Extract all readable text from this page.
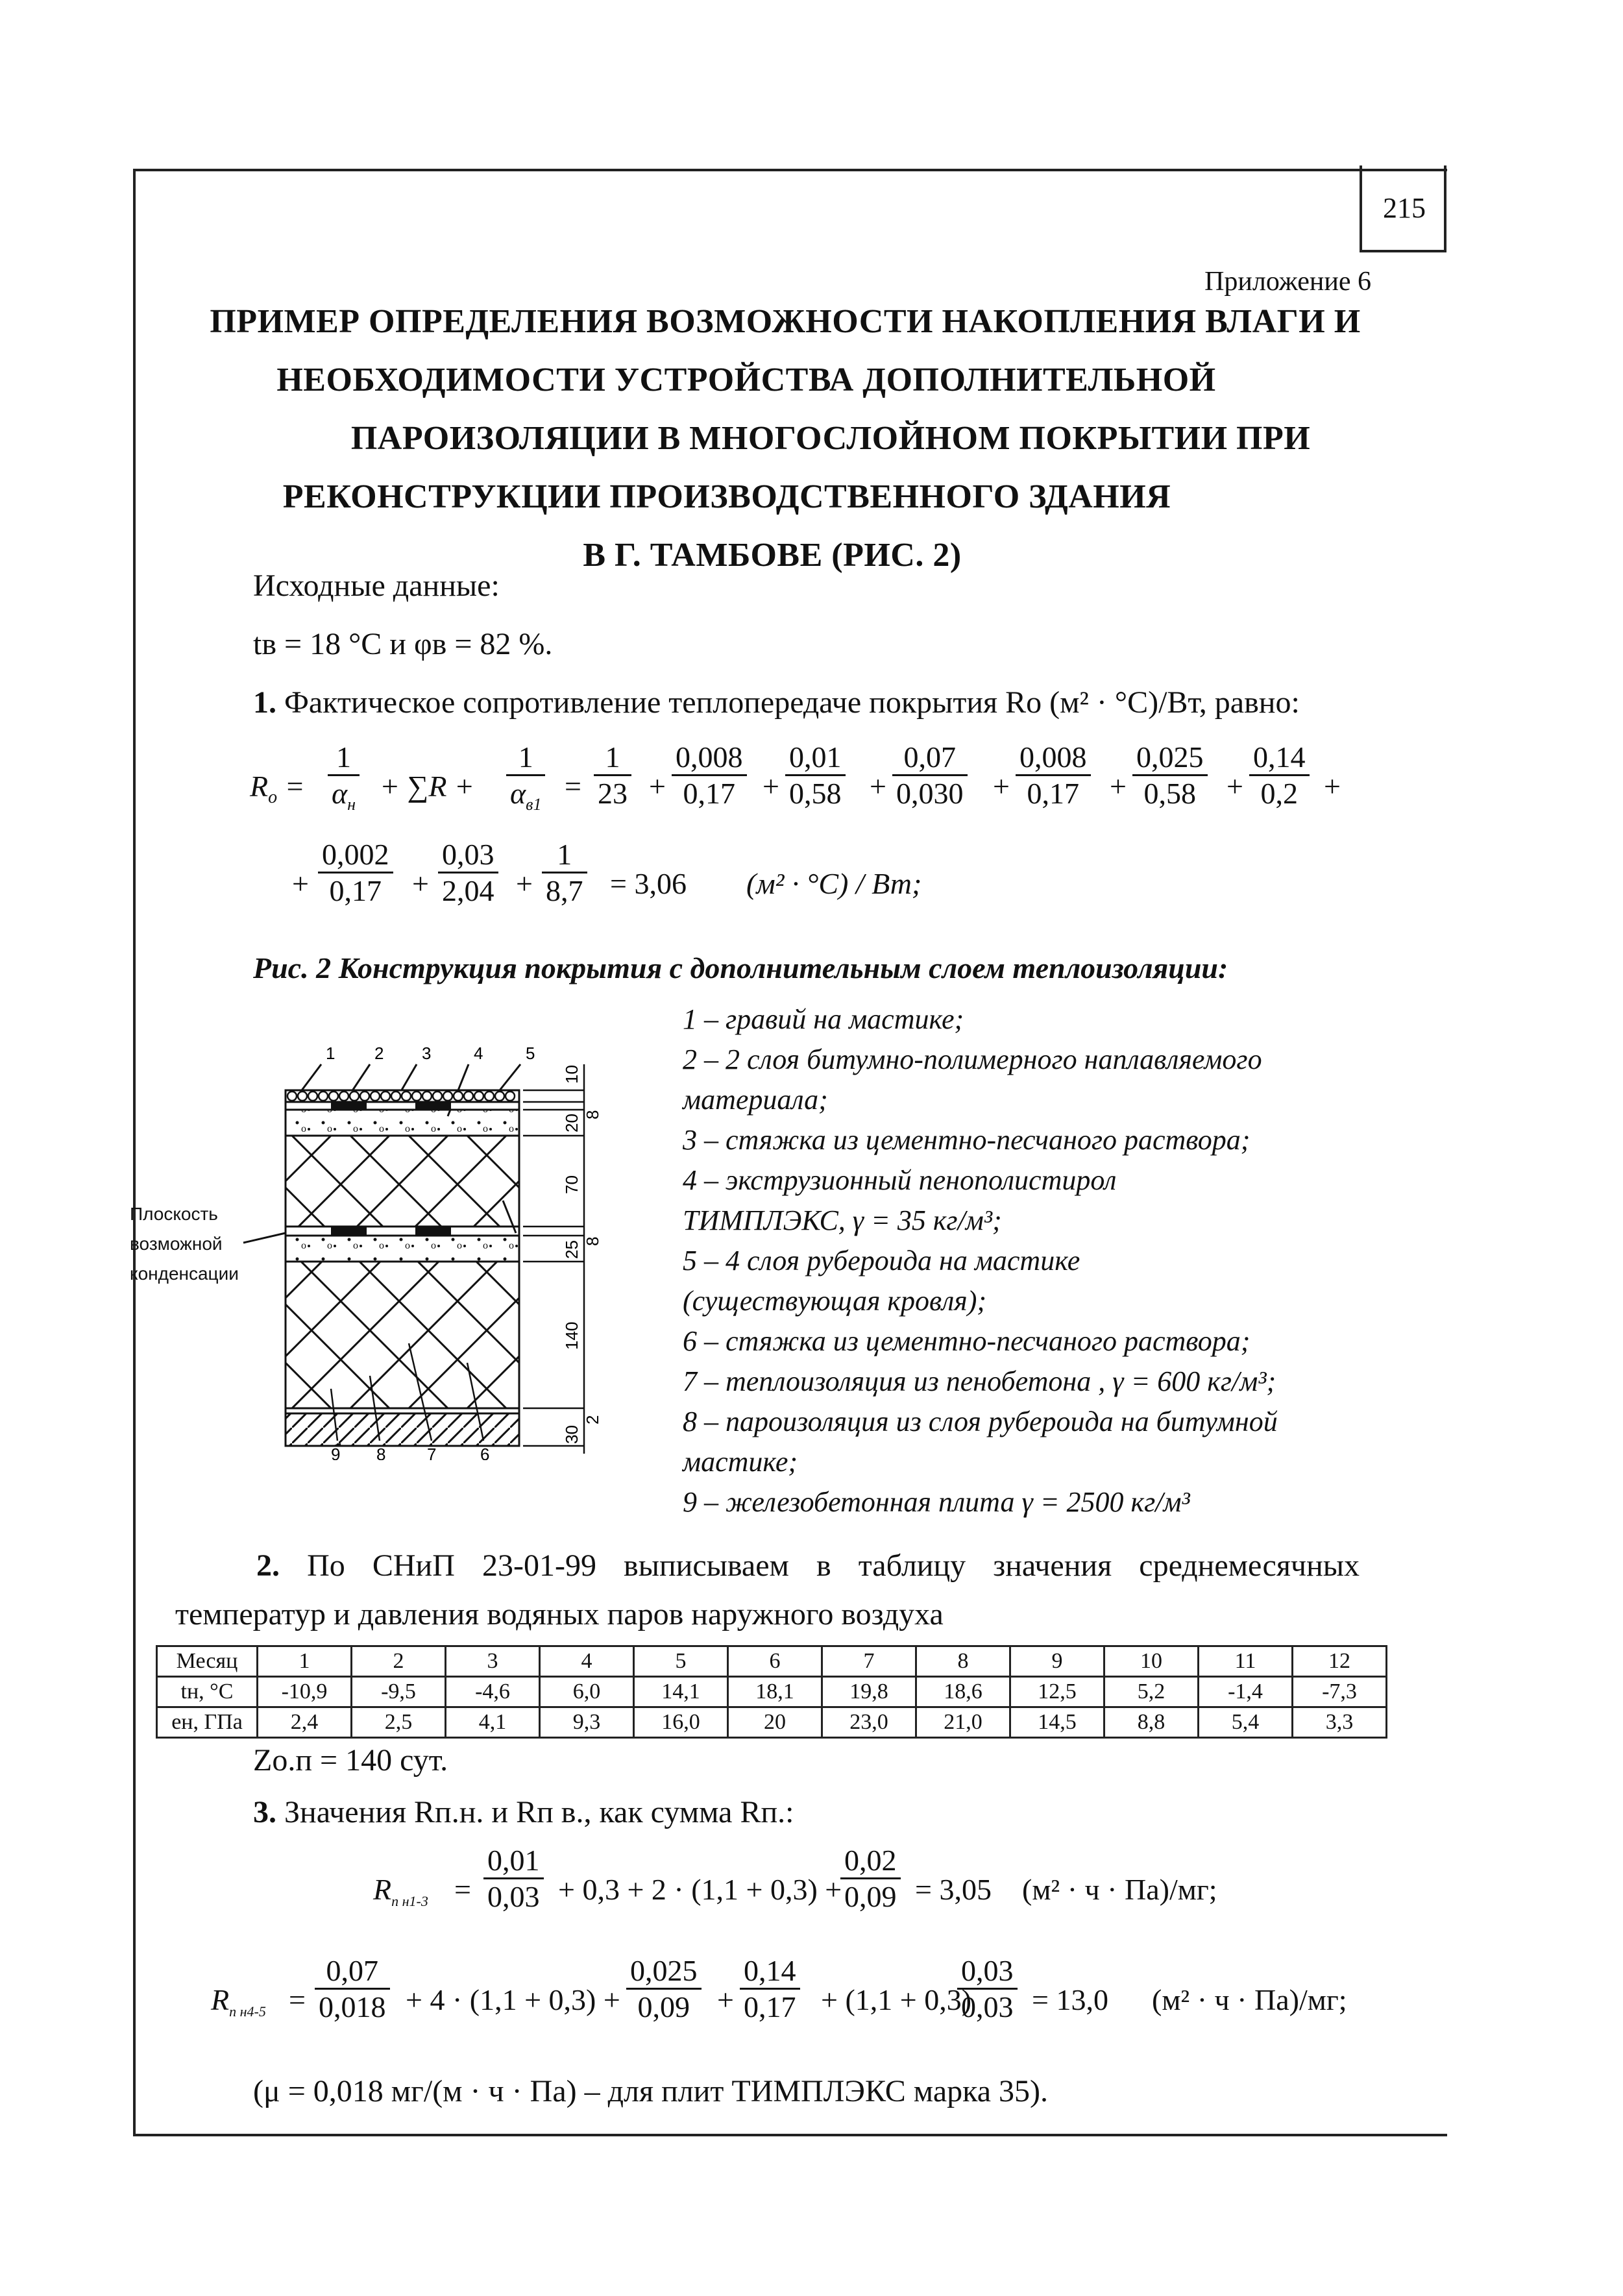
215
Приложение 6
ПРИМЕР ОПРЕДЕЛЕНИЯ ВОЗМОЖНОСТИ НАКОПЛЕНИЯ ВЛАГИ И
НЕОБХОДИМОСТИ УСТРОЙСТВА ДОПОЛНИТЕЛЬНОЙ
ПАРОИЗОЛЯЦИИ В МНОГОСЛОЙНОМ ПОКРЫТИИ ПРИ
РЕКОНСТРУКЦИИ ПРОИЗВОДСТВЕННОГО ЗДАНИЯ
В Г. ТАМБОВЕ (РИС. 2)
Исходные данные:
tв = 18 °С и φв = 82 %.
1. Фактическое сопротивление теплопередаче покрытия Rо (м² · °С)/Вт, равно:
$R_o$ =
1
$\alpha_н$
+ ∑R +
1
$\alpha_{в1}$
= $\frac{1}{23} + \frac{0,008}{0,17} + \frac{0,01}{0,58} + \frac{0,07}{0,030} + \frac{0,008}{0,17} + \frac{0,025}{0,58} + \frac{0,14}{0,2}$ +
+ $\frac{0,002}{0,17} + \frac{0,03}{2,04} + \frac{1}{8,7} = 3,06$ (м² · °С) / Вт;
Рис. 2 Конструкция покрытия с дополнительным слоем теплоизоляции:
1 2 3	4	5
9 8 7	6
10
20
70
25
140
30
8
8
2
Плоскость
возможной
конденсации
1 – гравий на мастике;
2 – 2 слоя битумно-полимерного наплавляемого
материала;
3 – стяжка из цементно-песчаного раствора;
4 – экструзионный пенополистирол
ТИМПЛЭКС, γ = 35 кг/м³;
5 – 4 слоя рубероида на мастике
(существующая кровля);
6 – стяжка из цементно-песчаного раствора;
7 – теплоизоляция из пенобетона , γ = 600 кг/м³;
8 – пароизоляция из слоя рубероида на битумной
мастике;
9 – железобетонная плита γ = 2500 кг/м³
2. По СНиП 23-01-99 выписываем в таблицу значения среднемесячных
температур и давления водяных паров наружного воздуха
Месяц	1	2	3	4	5	6	7	8	9	10	11	12
tн, °С	-10,9	-9,5	-4,6	6,0	14,1	18,1	19,8	18,6	12,5	5,2	-1,4	-7,3
eн, ГПа	2,4	2,5	4,1	9,3	16,0	20	23,0	21,0	14,5	8,8	5,4	3,3
Zо.п = 140 сут.
3. Значения Rп.н. и Rп в., как сумма Rп.:
$R_{п н1-3} = \frac{0,01}{0,03} + 0,3 + 2 \cdot (1,1 + 0,3)$ +
$\frac{0,02}{0,09} = 3,05$ (м² · ч · Па)/мг;
$R_{п н4-5} = \frac{0,07}{0,018} + 4 \cdot (1,1 + 0,3) + \frac{0,025}{0,09} + \frac{0,14}{0,17} + (1,1 + 0,3)$
$\frac{0,03}{0,03} = 13,0$ (м² · ч · Па)/мг;
(μ = 0,018 мг/(м · ч · Па) – для плит ТИМПЛЭКС марка 35).
